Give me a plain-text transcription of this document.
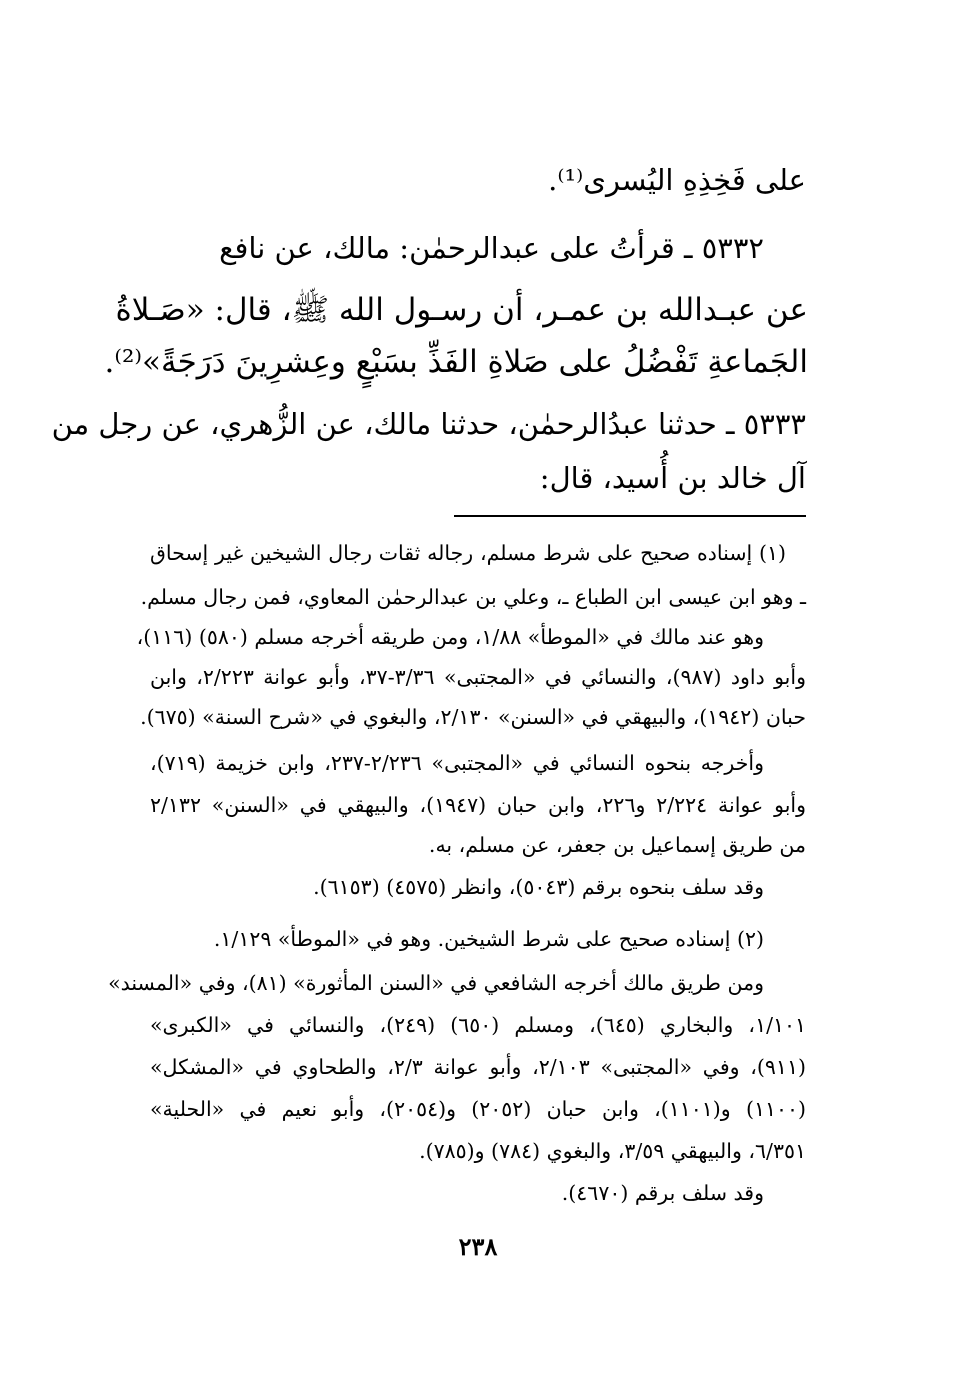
على فَخِذِهِ اليُسرى⁽¹⁾.
٥٣٣٢ ـ قرأتُ على عبدالرحمٰن: مالك، عن نافع
عن عبـدالله بن عمـر، أن رسـول الله ﷺ، قال: «صَـلاةُ
الجَماعةِ تَفْضُلُ على صَلاةِ الفَذِّ بسَبْعٍ وعِشرِينَ دَرَجَةً»⁽²⁾.
٥٣٣٣ ـ حدثنا عبدُالرحمٰن، حدثنا مالك، عن الزُّهري، عن رجل من
آل خالد بن أُسيد، قال:
(١) إسناده صحيح على شرط مسلم، رجاله ثقات رجال الشيخين غير إسحاق
ـ وهو ابن عيسى ابن الطباع ـ، وعلي بن عبدالرحمٰن المعاوي، فمن رجال مسلم.
وهو عند مالك في «الموطأ» ١/٨٨، ومن طريقه أخرجه مسلم (٥٨٠) (١١٦)،
وأبو داود (٩٨٧)، والنسائي في «المجتبى» ٣/٣٦-٣٧، وأبو عوانة ٢/٢٢٣، وابن
حبان (١٩٤٢)، والبيهقي في «السنن» ٢/١٣٠، والبغوي في «شرح السنة» (٦٧٥).
وأخرجه بنحوه النسائي في «المجتبى» ٢/٢٣٦-٢٣٧، وابن خزيمة (٧١٩)،
وأبو عوانة ٢/٢٢٤ و٢٢٦، وابن حبان (١٩٤٧)، والبيهقي في «السنن» ٢/١٣٢
من طريق إسماعيل بن جعفر، عن مسلم، به.
وقد سلف بنحوه برقم (٥٠٤٣)، وانظر (٤٥٧٥) (٦١٥٣).
(٢) إسناده صحيح على شرط الشيخين. وهو في «الموطأ» ١/١٢٩.
ومن طريق مالك أخرجه الشافعي في «السنن المأثورة» (٨١)، وفي «المسند»
١/١٠١، والبخاري (٦٤٥)، ومسلم (٦٥٠) (٢٤٩)، والنسائي في «الكبرى»
(٩١١)، وفي «المجتبى» ٢/١٠٣، وأبو عوانة ٢/٣، والطحاوي في «المشكل»
(١١٠٠) و(١١٠١)، وابن حبان (٢٠٥٢) و(٢٠٥٤)، وأبو نعيم في «الحلية»
٦/٣٥١، والبيهقي ٣/٥٩، والبغوي (٧٨٤) و(٧٨٥).
وقد سلف برقم (٤٦٧٠).
٢٣٨
